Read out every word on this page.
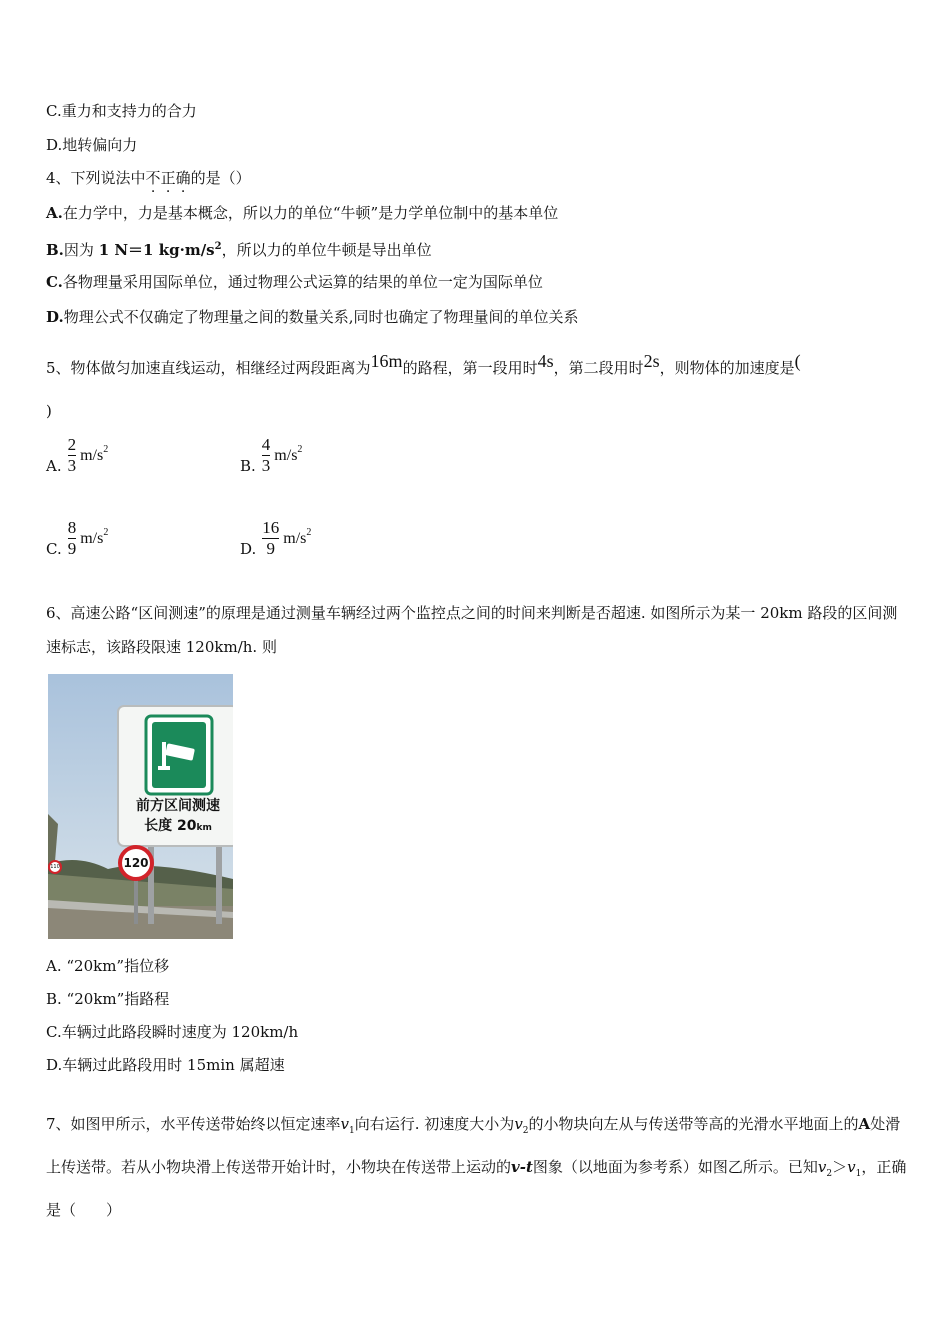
C.重力和支持力的合力
D.地转偏向力
4、下列说法中不正确的是（）
A.在力学中，力是基本概念，所以力的单位“牛顿”是力学单位制中的基本单位
B.因为 1 N＝1 $kg\cdot m/s^2$，所以力的单位牛顿是导出单位
C.各物理量采用国际单位，通过物理公式运算的结果的单位一定为国际单位
D.物理公式不仅确定了物理量之间的数量关系,同时也确定了物理量间的单位关系
5、物体做匀加速直线运动，相继经过两段距离为16m的路程，第一段用时4s，第二段用时2s，则物体的加速度是(
)
A. $\frac{2}{3} m/s^2$
B. $\frac{4}{3} m/s^2$
C. $\frac{8}{9} m/s^2$
D. $\frac{16}{9} m/s^2$
6、高速公路“区间测速”的原理是通过测量车辆经过两个监控点之间的时间来判断是否超速. 如图所示为某一 20km 路段的区间测速标志，该路段限速 120km/h. 则
前方区间测速
长度 20km
120
110
A. “20km”指位移
B. “20km”指路程
C.车辆过此路段瞬时速度为 120km/h
D.车辆过此路段用时 15min 属超速
7、如图甲所示，水平传送带始终以恒定速率$v_1$向右运行. 初速度大小为$v_2$的小物块向左从与传送带等高的光滑水平地面上的A处滑上传送带。若从小物块滑上传送带开始计时，小物块在传送带上运动的v-t图象（以地面为参考系）如图乙所示。已知$v_2>v_1$，正确是（　　）
